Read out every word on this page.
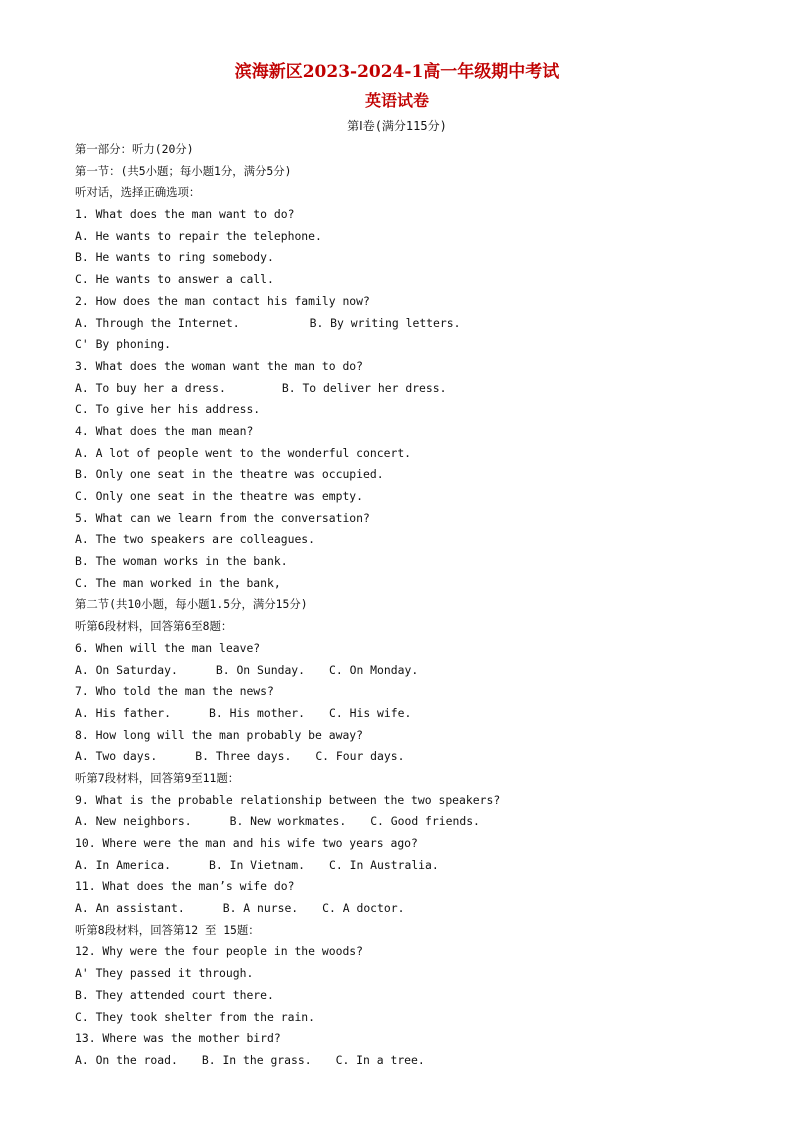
滨海新区2023-2024-1高一年级期中考试
英语试卷
第Ⅰ卷(满分115分)
第一部分：听力(20分)
第一节：(共5小题；每小题1分，满分5分)
听对话，选择正确选项：
1. What does the man want to do?
A. He wants to repair the telephone.
B. He wants to ring somebody.
C. He wants to answer a call.
2. How does the man contact his family now?
A. Through the Internet.	B. By writing letters.
C' By phoning.
3. What does the woman want the man to do?
A. To buy her a dress.	B. To deliver her dress.
C. To give her his address.
4. What does the man mean?
A. A lot of people went to the wonderful concert.
B. Only one seat in the theatre was occupied.
C. Only one seat in the theatre was empty.
5. What can we learn from the conversation?
A. The two speakers are colleagues.
B. The woman works in the bank.
C. The man worked in the bank,
第二节(共10小题，每小题1.5分，满分15分)
听第6段材料，回答第6至8题：
6. When will the man leave?
A. On Saturday.	B. On Sunday. C. On Monday.
7. Who told the man the news?
A. His father.	B. His mother. C. His wife.
8. How long will the man probably be away?
A. Two days.	B. Three days. C. Four days.
听第7段材料，回答第9至11题：
9. What is the probable relationship between the two speakers?
A. New neighbors.	B. New workmates. C. Good friends.
10. Where were the man and his wife two years ago?
A. In America.	B. In Vietnam. C. In Australia.
11. What does the man’s wife do?
A. An assistant.	B. A nurse. C. A doctor.
听第8段材料，回答第12 至 15题：
12. Why were the four people in the woods?
A' They passed it through.
B. They attended court there.
C. They took shelter from the rain.
13. Where was the mother bird?
A. On the road. B. In the grass. C. In a tree.
